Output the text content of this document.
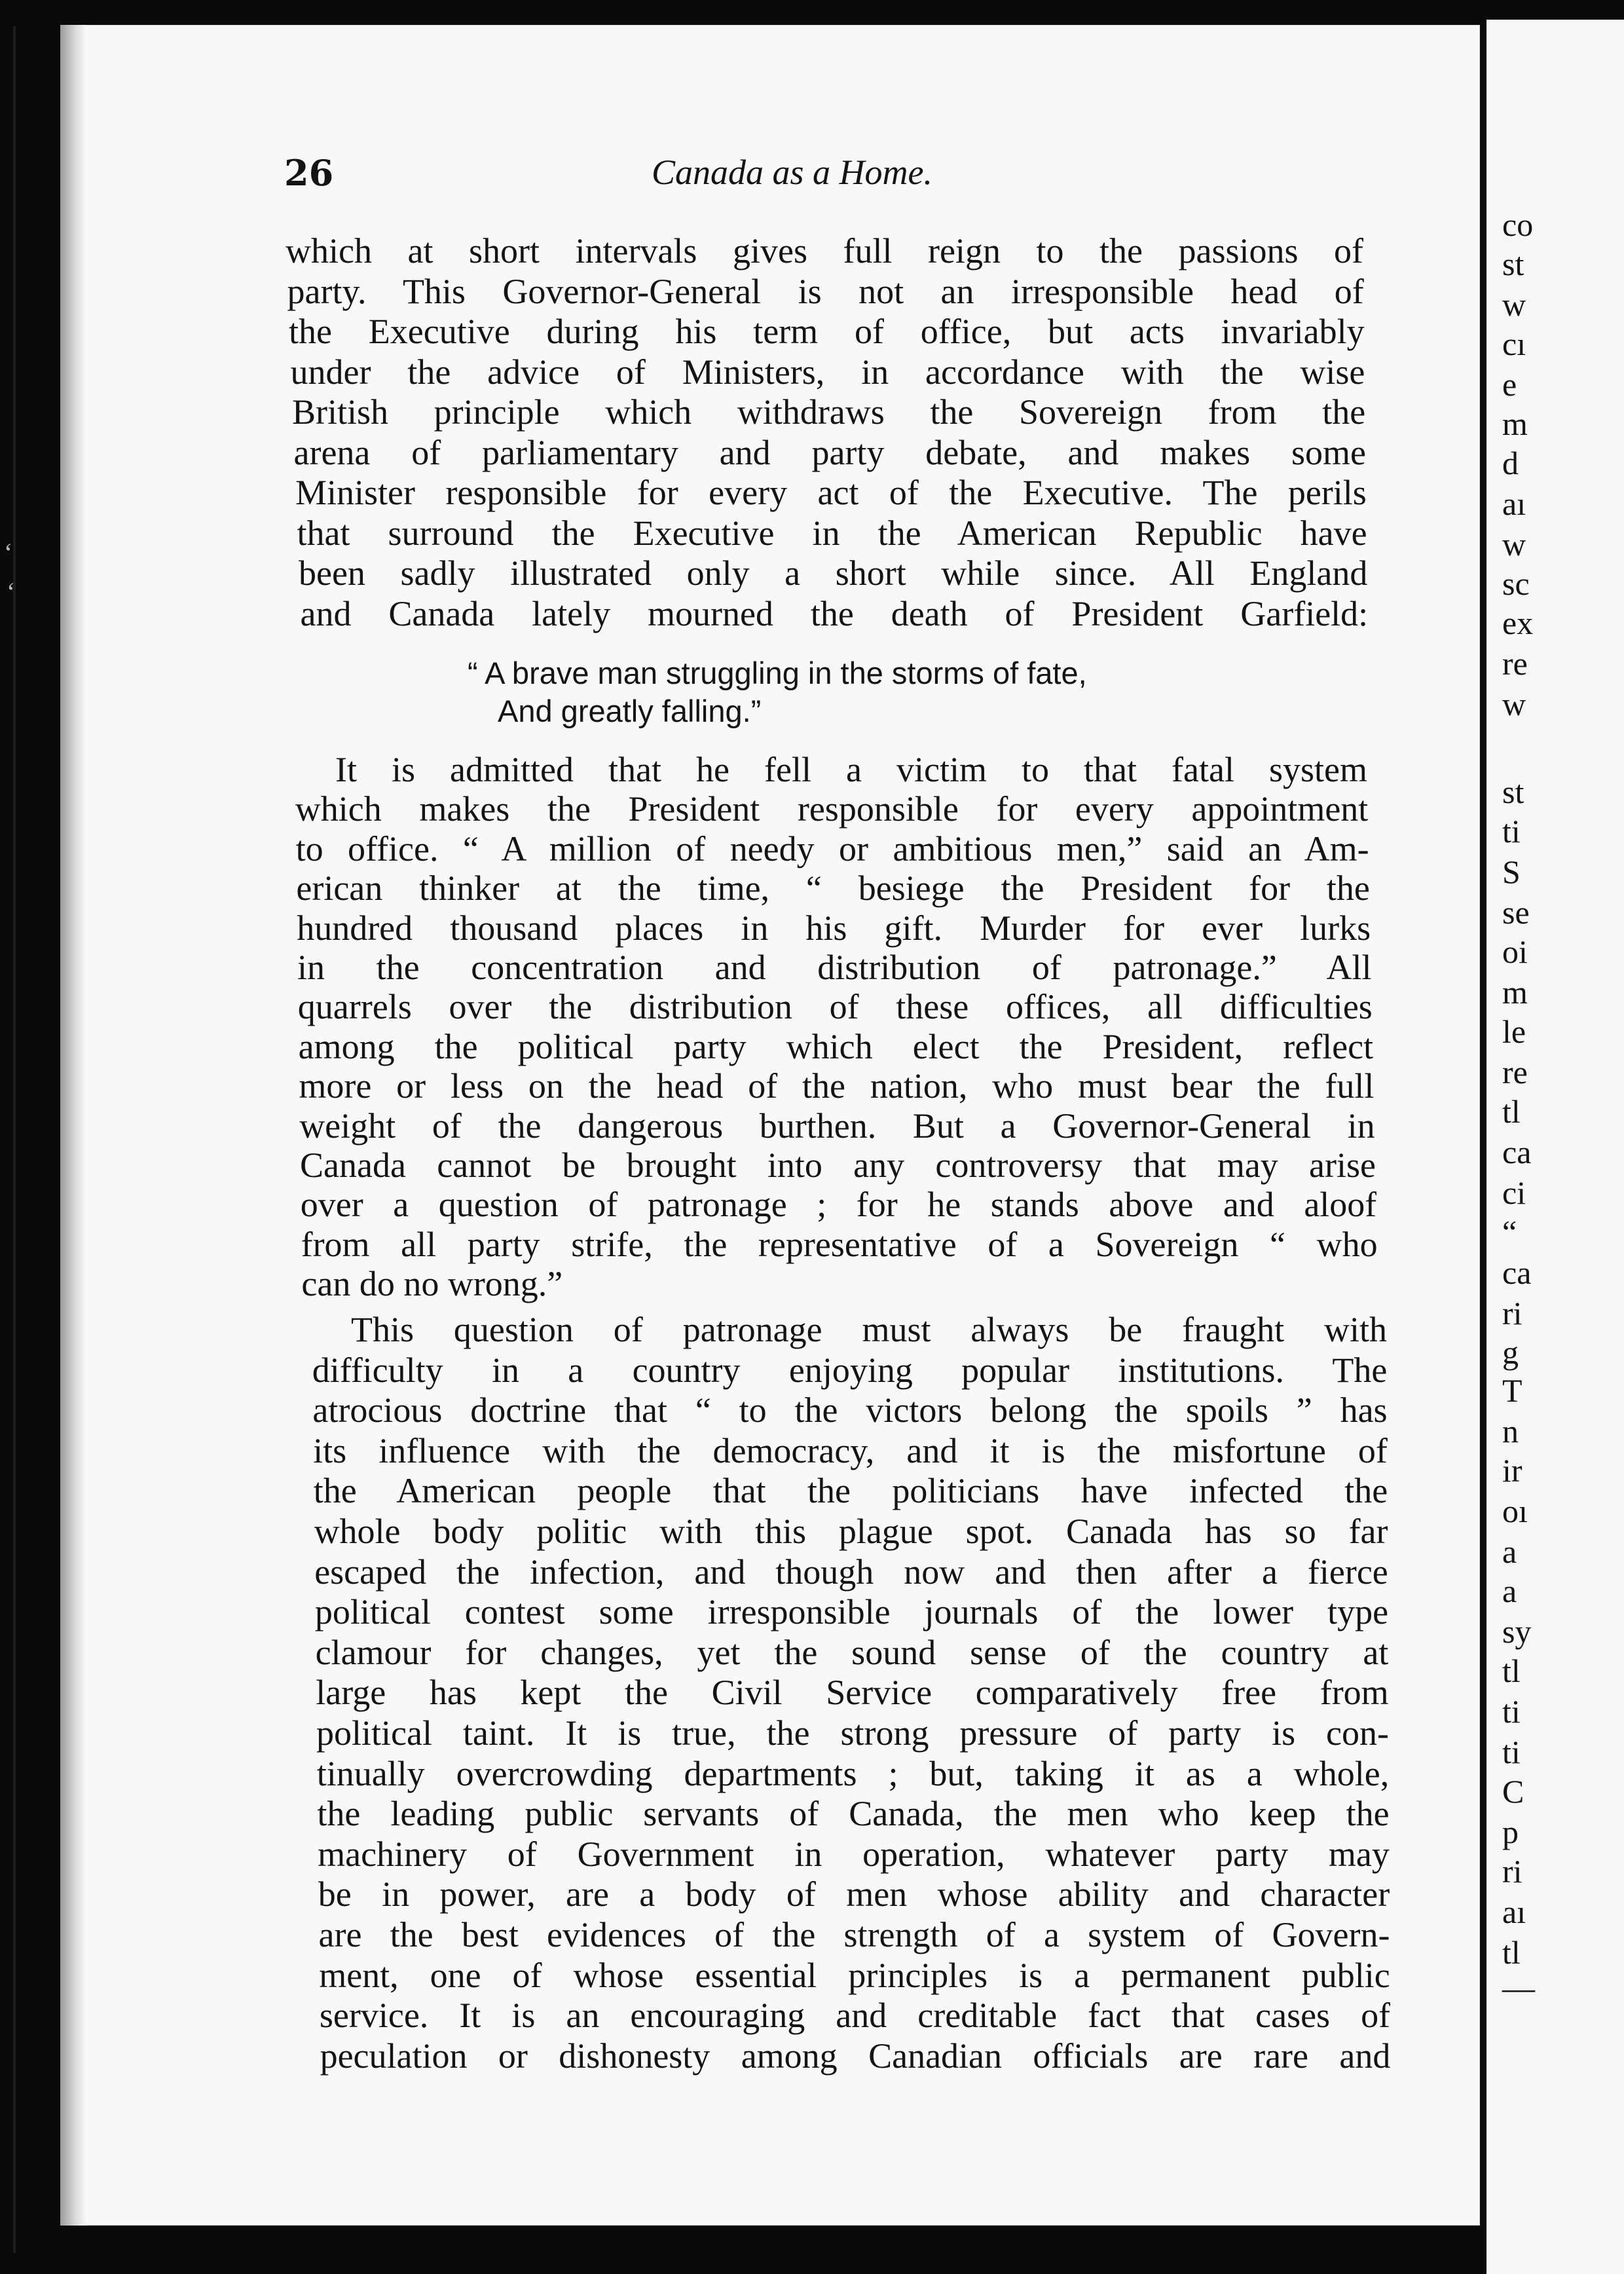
ʻ
ʻ
co
st
w
cı
e
m
d
aı
w
sc
ex
re
w
st
ti
S
se
oi
m
le
re
tl
ca
ci
“
ca
ri
g
T
n
ir
oı
a
a
sy
tl
ti
ti
C
p
ri
aı
tl
—
26	Canada as a Home.
which at short intervals gives full reign to the passions of
party. This Governor-General is not an irresponsible head of
the Executive during his term of office, but acts invariably
under the advice of Ministers, in accordance with the wise
British principle which withdraws the Sovereign from the
arena of parliamentary and party debate, and makes some
Minister responsible for every act of the Executive. The perils
that surround the Executive in the American Republic have
been sadly illustrated only a short while since. All England
and Canada lately mourned the death of President Garfield:
“ A brave man struggling in the storms of fate,
And greatly falling.”
It is admitted that he fell a victim to that fatal system
which makes the President responsible for every appointment
to office. “ A million of needy or ambitious men,” said an Am-
erican thinker at the time, “ besiege the President for the
hundred thousand places in his gift. Murder for ever lurks
in the concentration and distribution of patronage.” All
quarrels over the distribution of these offices, all difficulties
among the political party which elect the President, reflect
more or less on the head of the nation, who must bear the full
weight of the dangerous burthen. But a Governor-General in
Canada cannot be brought into any controversy that may arise
over a question of patronage ; for he stands above and aloof
from all party strife, the representative of a Sovereign “ who
can do no wrong.”
This question of patronage must always be fraught with
difficulty in a country enjoying popular institutions. The
atrocious doctrine that “ to the victors belong the spoils ” has
its influence with the democracy, and it is the misfortune of
the American people that the politicians have infected the
whole body politic with this plague spot. Canada has so far
escaped the infection, and though now and then after a fierce
political contest some irresponsible journals of the lower type
clamour for changes, yet the sound sense of the country at
large has kept the Civil Service comparatively free from
political taint. It is true, the strong pressure of party is con-
tinually overcrowding departments ; but, taking it as a whole,
the leading public servants of Canada, the men who keep the
machinery of Government in operation, whatever party may
be in power, are a body of men whose ability and character
are the best evidences of the strength of a system of Govern-
ment, one of whose essential principles is a permanent public
service. It is an encouraging and creditable fact that cases of
peculation or dishonesty among Canadian officials are rare and
